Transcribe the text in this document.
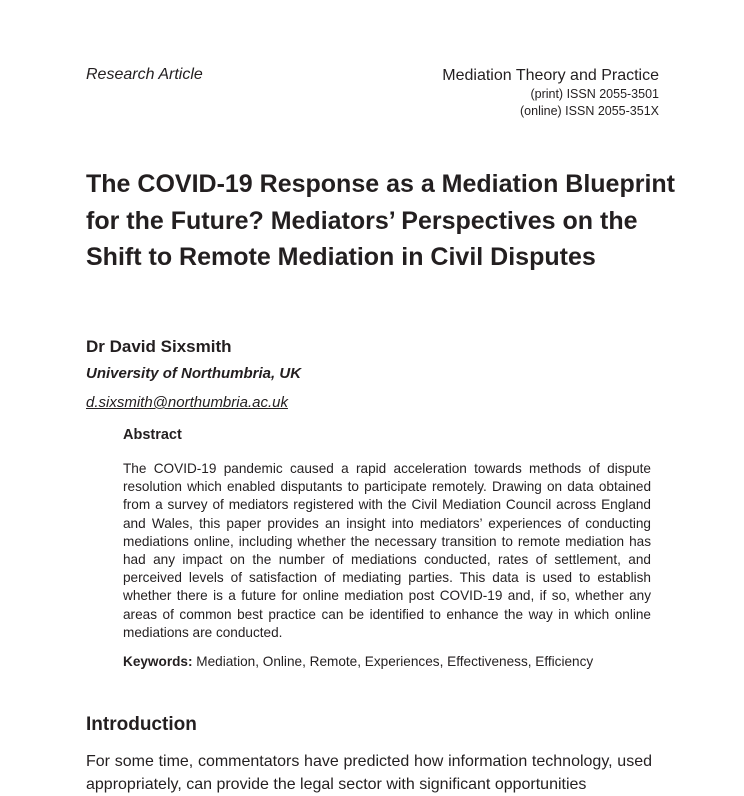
Research Article	Mediation Theory and Practice
(print) ISSN 2055-3501
(online) ISSN 2055-351X
The COVID-19 Response as a Mediation Blueprint for the Future? Mediators’ Perspectives on the Shift to Remote Mediation in Civil Disputes
Dr David Sixsmith
University of Northumbria, UK
d.sixsmith@northumbria.ac.uk
Abstract

The COVID-19 pandemic caused a rapid acceleration towards methods of dispute resolution which enabled disputants to participate remotely. Drawing on data obtained from a survey of mediators registered with the Civil Mediation Council across England and Wales, this paper provides an insight into mediators’ experiences of conducting mediations online, including whether the necessary transition to remote mediation has had any impact on the number of mediations conducted, rates of settlement, and perceived levels of satisfaction of mediating parties. This data is used to establish whether there is a future for online mediation post COVID-19 and, if so, whether any areas of common best practice can be identified to enhance the way in which online mediations are conducted.

Keywords: Mediation, Online, Remote, Experiences, Effectiveness, Efficiency
Introduction

For some time, commentators have predicted how information technology, used appropriately, can provide the legal sector with significant opportunities
